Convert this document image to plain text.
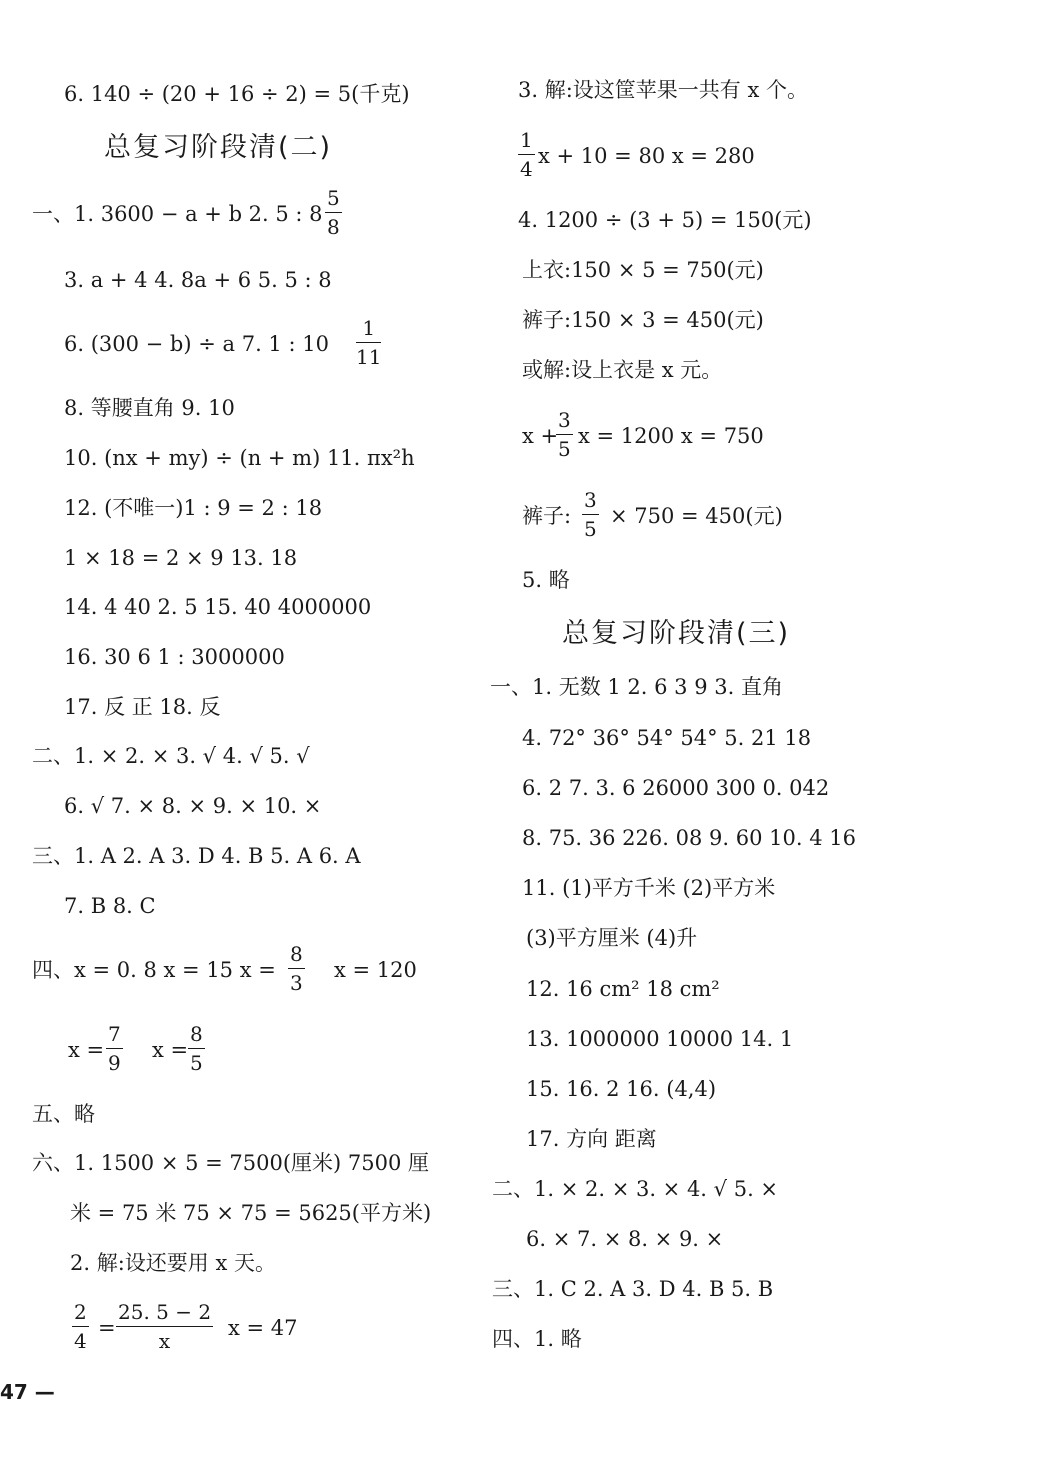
6. 140 ÷ (20 + 16 ÷ 2) = 5(千克)
总复习阶段清(二)
一、1. 3600 − a + b 2. 5 : 8
5
8
3. a + 4 4. 8a + 6 5. 5 : 8
6. (300 − b) ÷ a 7. 1 : 10
1
11
8. 等腰直角 9. 10
10. (nx + my) ÷ (n + m) 11. πx²h
12. (不唯一)1 : 9 = 2 : 18
1 × 18 = 2 × 9 13. 18
14. 4 40 2. 5 15. 40 4000000
16. 30 6 1 : 3000000
17. 反 正 18. 反
二、1. × 2. × 3. √ 4. √ 5. √
6. √ 7. × 8. × 9. × 10. ×
三、1. A 2. A 3. D 4. B 5. A 6. A
7. B 8. C
四、x = 0. 8 x = 15 x =
8
3
x = 120
x =
7
9
x =
8
5
五、略
六、1. 1500 × 5 = 7500(厘米) 7500 厘
米 = 75 米 75 × 75 = 5625(平方米)
2. 解:设还要用 x 天。
2
4
=
25. 5 − 2
x
x = 47
47 —
3. 解:设这筐苹果一共有 x 个。
1
4
x + 10 = 80 x = 280
4. 1200 ÷ (3 + 5) = 150(元)
上衣:150 × 5 = 750(元)
裤子:150 × 3 = 450(元)
或解:设上衣是 x 元。
x +
3
5
x = 1200 x = 750
裤子:
3
5
× 750 = 450(元)
5. 略
总复习阶段清(三)
一、1. 无数 1 2. 6 3 9 3. 直角
4. 72° 36° 54° 54° 5. 21 18
6. 2 7. 3. 6 26000 300 0. 042
8. 75. 36 226. 08 9. 60 10. 4 16
11. (1)平方千米 (2)平方米
(3)平方厘米 (4)升
12. 16 cm² 18 cm²
13. 1000000 10000 14. 1
15. 16. 2 16. (4,4)
17. 方向 距离
二、1. × 2. × 3. × 4. √ 5. ×
6. × 7. × 8. × 9. ×
三、1. C 2. A 3. D 4. B 5. B
四、1. 略
